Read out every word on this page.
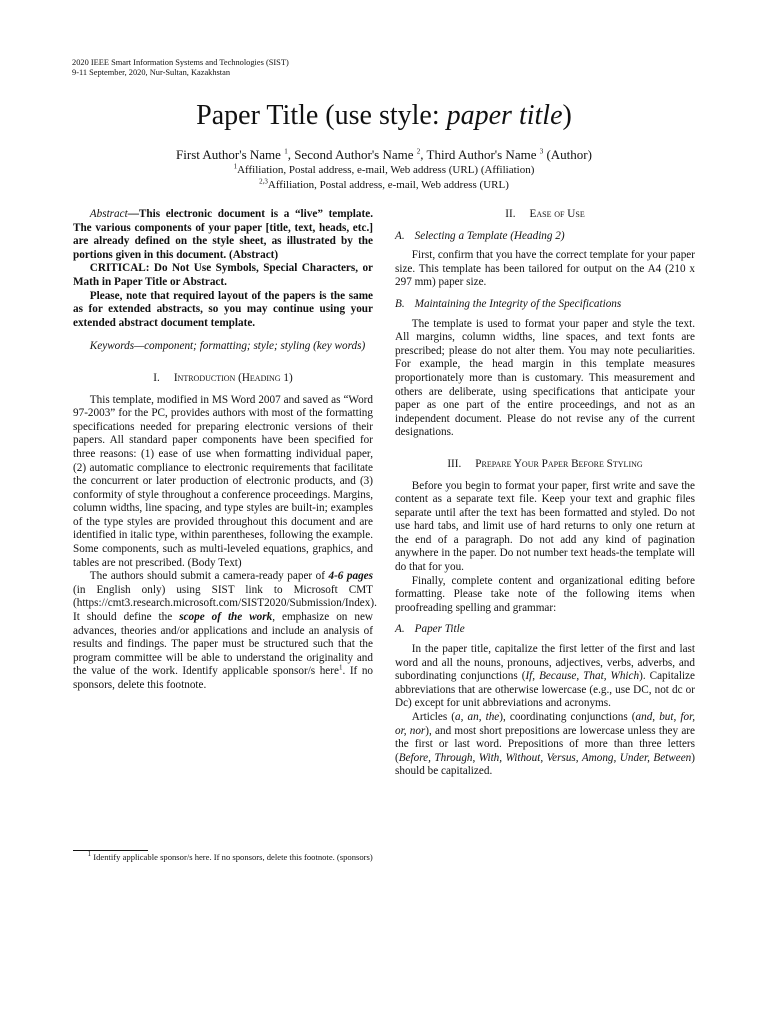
2020 IEEE Smart Information Systems and Technologies (SIST)
9-11 September, 2020, Nur-Sultan, Kazakhstan
Paper Title (use style: paper title)
First Author's Name $^1$, Second Author's Name $^2$, Third Author's Name $^3$ (Author)
$^1$Affiliation, Postal address, e-mail, Web address (URL) (Affiliation)
$^{2,3}$Affiliation, Postal address, e-mail, Web address (URL)

Abstract—This electronic document is a “live” template. The various components of your paper [title, text, heads, etc.] are already defined on the style sheet, as illustrated by the portions given in this document. (Abstract)

CRITICAL: Do Not Use Symbols, Special Characters, or Math in Paper Title or Abstract.

Please, note that required layout of the papers is the same as for extended abstracts, so you may continue using your extended abstract document template.

Keywords—component; formatting; style; styling (key words)

I. Introduction (Heading 1)

This template, modified in MS Word 2007 and saved as “Word 97-2003” for the PC, provides authors with most of the formatting specifications needed for preparing electronic versions of their papers. All standard paper components have been specified for three reasons: (1) ease of use when formatting individual paper, (2) automatic compliance to electronic requirements that facilitate the concurrent or later production of electronic products, and (3) conformity of style throughout a conference proceedings. Margins, column widths, line spacing, and type styles are built-in; examples of the type styles are provided throughout this document and are identified in italic type, within parentheses, following the example. Some components, such as multi-leveled equations, graphics, and tables are not prescribed. (Body Text)

The authors should submit a camera-ready paper of 4-6 pages (in English only) using SIST link to Microsoft CMT (https://cmt3.research.microsoft.com/SIST2020/Submission/Index). It should define the scope of the work, emphasize on new advances, theories and/or applications and include an analysis of results and findings. The paper must be structured such that the program committee will be able to understand the originality and the value of the work. Identify applicable sponsor/s here$^1$. If no sponsors, delete this footnote.

II. Ease of Use
A. Selecting a Template (Heading 2)

First, confirm that you have the correct template for your paper size. This template has been tailored for output on the A4 (210 x 297 mm) paper size.

B. Maintaining the Integrity of the Specifications

The template is used to format your paper and style the text. All margins, column widths, line spaces, and text fonts are prescribed; please do not alter them. You may note peculiarities. For example, the head margin in this template measures proportionately more than is customary. This measurement and others are deliberate, using specifications that anticipate your paper as one part of the entire proceedings, and not as an independent document. Please do not revise any of the current designations.

III. Prepare Your Paper Before Styling

Before you begin to format your paper, first write and save the content as a separate text file. Keep your text and graphic files separate until after the text has been formatted and styled. Do not use hard tabs, and limit use of hard returns to only one return at the end of a paragraph. Do not add any kind of pagination anywhere in the paper. Do not number text heads-the template will do that for you.

Finally, complete content and organizational editing before formatting. Please take note of the following items when proofreading spelling and grammar:

A. Paper Title

In the paper title, capitalize the first letter of the first and last word and all the nouns, pronouns, adjectives, verbs, adverbs, and subordinating conjunctions (If, Because, That, Which). Capitalize abbreviations that are otherwise lowercase (e.g., use DC, not dc or Dc) except for unit abbreviations and acronyms.

Articles (a, an, the), coordinating conjunctions (and, but, for, or, nor), and most short prepositions are lowercase unless they are the first or last word. Prepositions of more than three letters (Before, Through, With, Without, Versus, Among, Under, Between) should be capitalized.

$^1$ Identify applicable sponsor/s here. If no sponsors, delete this footnote. (sponsors)
